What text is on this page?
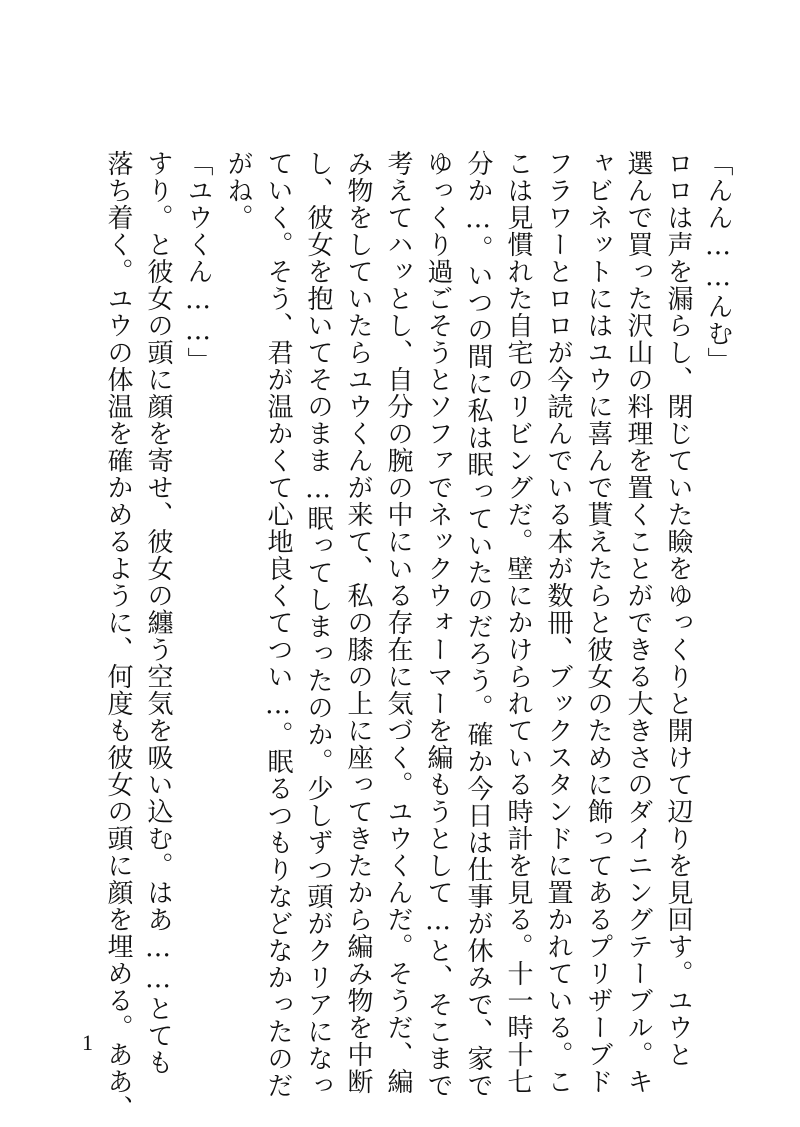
「んん……んむ」
ロロは声を漏らし、閉じていた瞼をゆっくりと開けて辺りを見回す。ユウと
選んで買った沢山の料理を置くことができる大きさのダイニングテーブル。キ
ャビネットにはユウに喜んで貰えたらと彼女のために飾ってあるプリザーブド
フラワーとロロが今読んでいる本が数冊、ブックスタンドに置かれている。こ
こは見慣れた自宅のリビングだ。壁にかけられている時計を見る。十一時十七
分か…。いつの間に私は眠っていたのだろう。確か今日は仕事が休みで、家で
ゆっくり過ごそうとソファでネックウォーマーを編もうとして…と、そこまで
考えてハッとし、自分の腕の中にいる存在に気づく。ユウくんだ。そうだ、編
み物をしていたらユウくんが来て、私の膝の上に座ってきたから編み物を中断
し、彼女を抱いてそのまま…眠ってしまったのか。少しずつ頭がクリアになっ
ていく。そう、君が温かくて心地良くてつい…。眠るつもりなどなかったのだ
がね。
「ユウくん……」
すり。と彼女の頭に顔を寄せ、彼女の纏う空気を吸い込む。はあ……とても
落ち着く。ユウの体温を確かめるように、何度も彼女の頭に顔を埋める。ああ、
1
